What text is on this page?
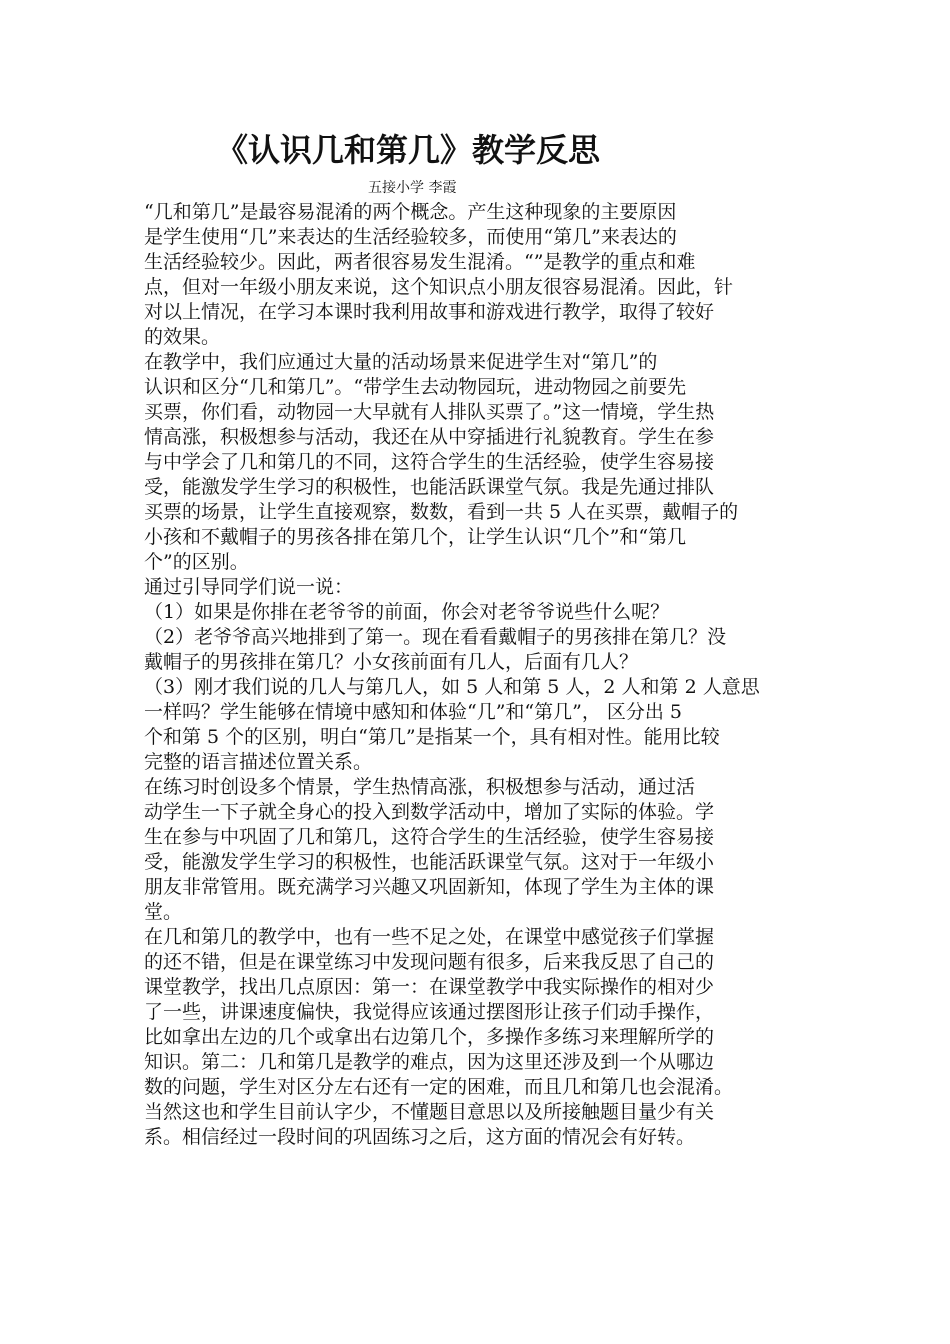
《认识几和第几》教学反思
五接小学 李霞
“几和第几”是最容易混淆的两个概念。产生这种现象的主要原因
是学生使用“几”来表达的生活经验较多，而使用“第几”来表达的
生活经验较少。因此，两者很容易发生混淆。“”是教学的重点和难
点，但对一年级小朋友来说，这个知识点小朋友很容易混淆。因此，针
对以上情况，在学习本课时我利用故事和游戏进行教学，取得了较好
的效果。
在教学中，我们应通过大量的活动场景来促进学生对“第几”的
认识和区分“几和第几”。“带学生去动物园玩，进动物园之前要先
买票，你们看，动物园一大早就有人排队买票了。”这一情境，学生热
情高涨，积极想参与活动，我还在从中穿插进行礼貌教育。学生在参
与中学会了几和第几的不同，这符合学生的生活经验，使学生容易接
受，能激发学生学习的积极性，也能活跃课堂气氛。我是先通过排队
买票的场景，让学生直接观察，数数，看到一共 5 人在买票，戴帽子的
小孩和不戴帽子的男孩各排在第几个，让学生认识“几个”和“第几
个”的区别。
通过引导同学们说一说：
（1）如果是你排在老爷爷的前面，你会对老爷爷说些什么呢？
（2）老爷爷高兴地排到了第一。现在看看戴帽子的男孩排在第几？没
戴帽子的男孩排在第几？小女孩前面有几人，后面有几人？
（3）刚才我们说的几人与第几人，如 5 人和第 5 人，2 人和第 2 人意思
一样吗？学生能够在情境中感知和体验“几”和“第几”， 区分出 5
个和第 5 个的区别，明白“第几”是指某一个，具有相对性。能用比较
完整的语言描述位置关系。
在练习时创设多个情景，学生热情高涨，积极想参与活动，通过活
动学生一下子就全身心的投入到数学活动中，增加了实际的体验。学
生在参与中巩固了几和第几，这符合学生的生活经验，使学生容易接
受，能激发学生学习的积极性，也能活跃课堂气氛。这对于一年级小
朋友非常管用。既充满学习兴趣又巩固新知，体现了学生为主体的课
堂。
在几和第几的教学中，也有一些不足之处，在课堂中感觉孩子们掌握
的还不错，但是在课堂练习中发现问题有很多，后来我反思了自己的
课堂教学，找出几点原因：第一：在课堂教学中我实际操作的相对少
了一些，讲课速度偏快，我觉得应该通过摆图形让孩子们动手操作，
比如拿出左边的几个或拿出右边第几个，多操作多练习来理解所学的
知识。第二：几和第几是教学的难点，因为这里还涉及到一个从哪边
数的问题，学生对区分左右还有一定的困难，而且几和第几也会混淆。
当然这也和学生目前认字少，不懂题目意思以及所接触题目量少有关
系。相信经过一段时间的巩固练习之后，这方面的情况会有好转。
